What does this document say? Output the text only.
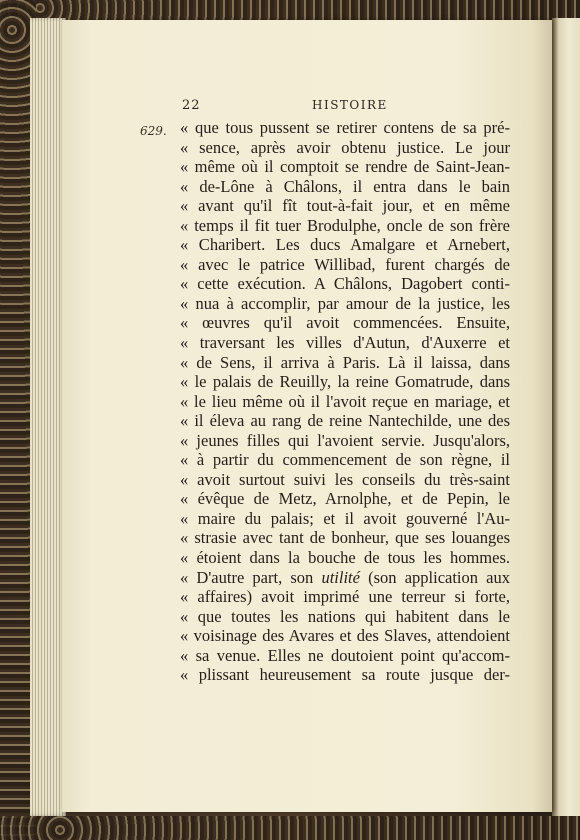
22	HISTOIRE
629. « que tous pussent se retirer contens de sa pré-
« sence, après avoir obtenu justice. Le jour
« même où il comptoit se rendre de Saint-Jean-
« de-Lône à Châlons, il entra dans le bain
« avant qu'il fît tout-à-fait jour, et en même
« temps il fit tuer Brodulphe, oncle de son frère
« Charibert. Les ducs Amalgare et Arnebert,
« avec le patrice Willibad, furent chargés de
« cette exécution. A Châlons, Dagobert conti-
« nua à accomplir, par amour de la justice, les
« œuvres qu'il avoit commencées. Ensuite,
« traversant les villes d'Autun, d'Auxerre et
« de Sens, il arriva à Paris. Là il laissa, dans
« le palais de Reuilly, la reine Gomatrude, dans
« le lieu même où il l'avoit reçue en mariage, et
« il éleva au rang de reine Nantechilde, une des
« jeunes filles qui l'avoient servie. Jusqu'alors,
« à partir du commencement de son règne, il
« avoit surtout suivi les conseils du très-saint
« évêque de Metz, Arnolphe, et de Pepin, le
« maire du palais; et il avoit gouverné l'Au-
« strasie avec tant de bonheur, que ses louanges
« étoient dans la bouche de tous les hommes.
« D'autre part, son utilité (son application aux
« affaires) avoit imprimé une terreur si forte,
« que toutes les nations qui habitent dans le
« voisinage des Avares et des Slaves, attendoient
« sa venue. Elles ne doutoient point qu'accom-
« plissant heureusement sa route jusque der-
